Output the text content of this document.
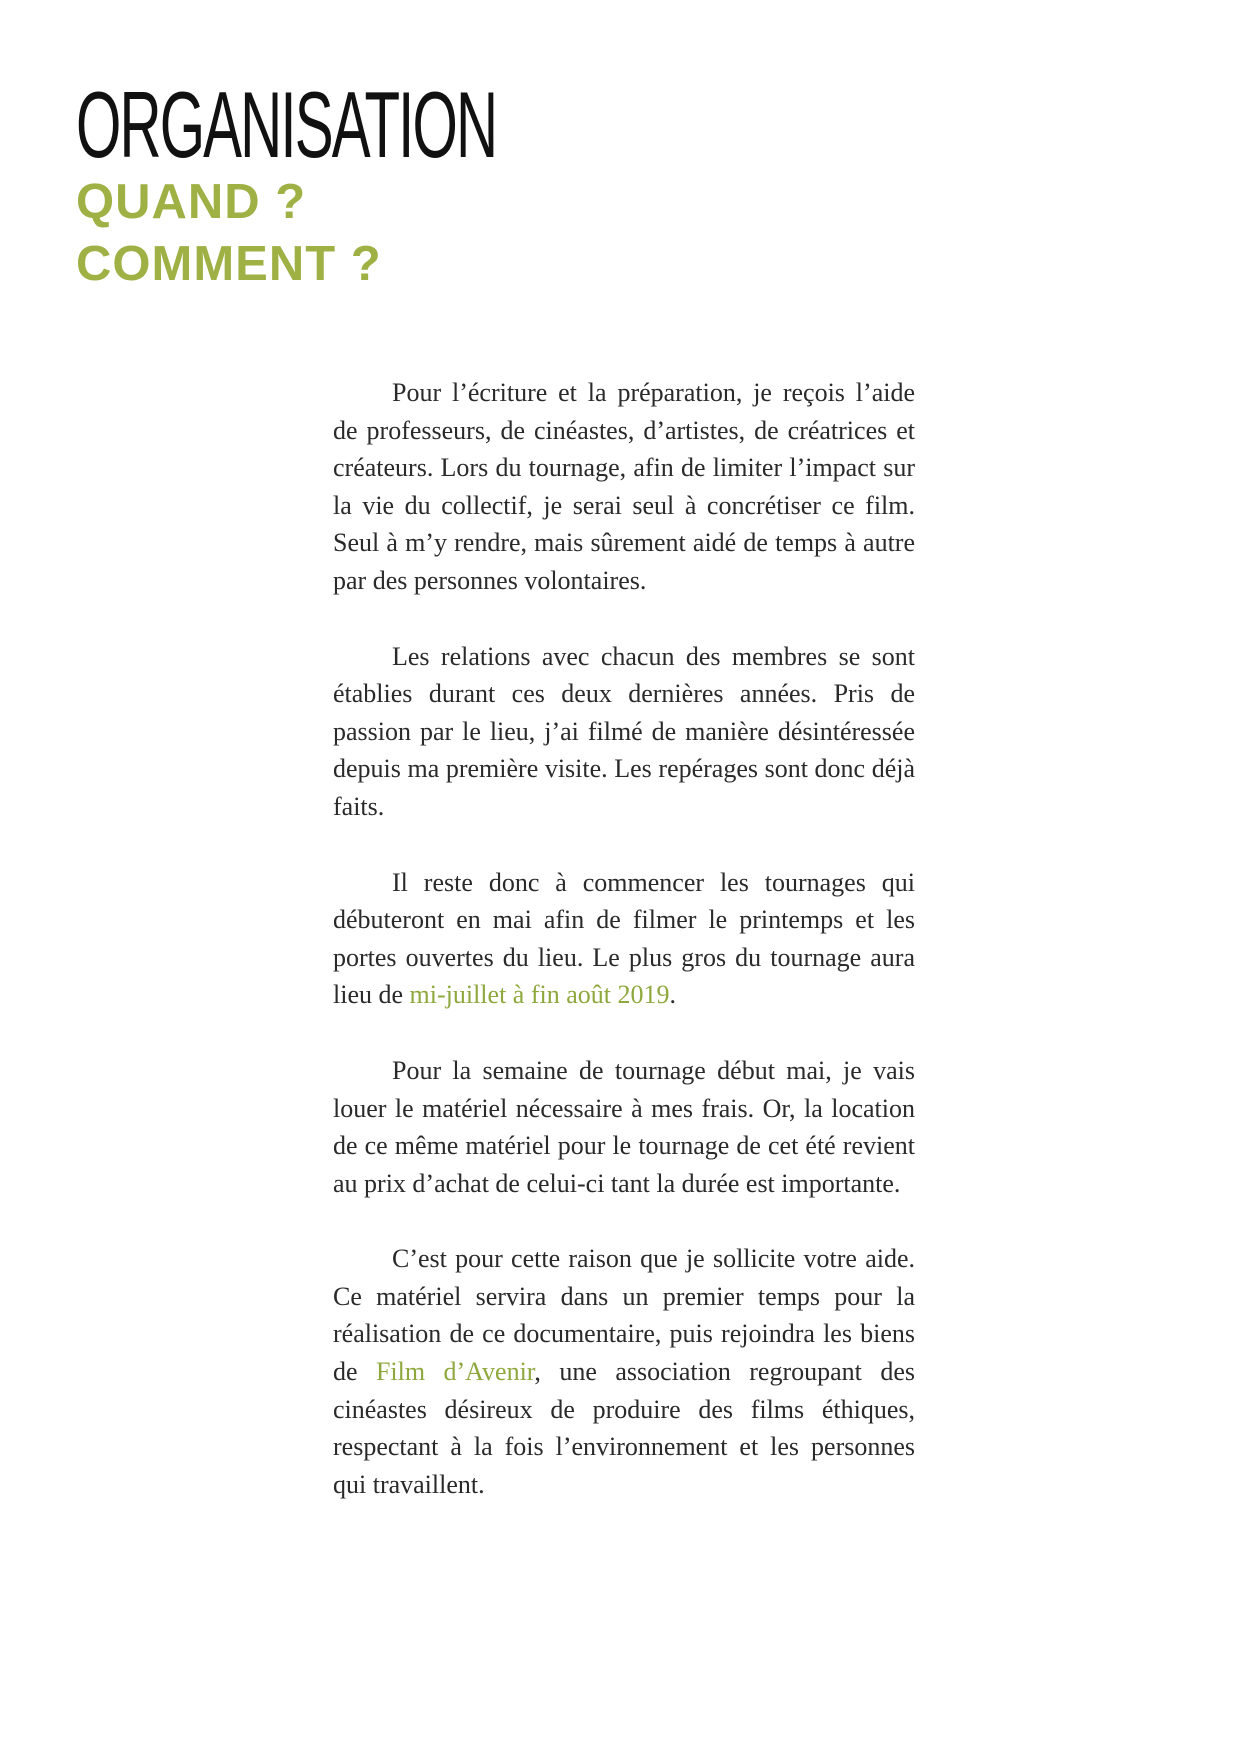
ORGANISATION
QUAND ?
COMMENT ?

Pour l’écriture et la préparation, je reçois l’aide de professeurs, de cinéastes, d’artistes, de créatrices et créateurs. Lors du tournage, afin de limiter l’impact sur la vie du collectif, je serai seul à concrétiser ce film. Seul à m’y rendre, mais sûrement aidé de temps à autre par des personnes volontaires.

Les relations avec chacun des membres se sont établies durant ces deux dernières années. Pris de passion par le lieu, j’ai filmé de manière désintéressée depuis ma première visite. Les repérages sont donc déjà faits.

Il reste donc à commencer les tournages qui débuteront en mai afin de filmer le printemps et les portes ouvertes du lieu. Le plus gros du tournage aura lieu de mi-juillet à fin août 2019.

Pour la semaine de tournage début mai, je vais louer le matériel nécessaire à mes frais. Or, la location de ce même matériel pour le tournage de cet été revient au prix d’achat de celui-ci tant la durée est importante.

C’est pour cette raison que je sollicite votre aide. Ce matériel servira dans un premier temps pour la réalisation de ce documentaire, puis rejoindra les biens de Film d’Avenir, une association regroupant des cinéastes désireux de produire des films éthiques, respectant à la fois l’environnement et les personnes qui travaillent.
